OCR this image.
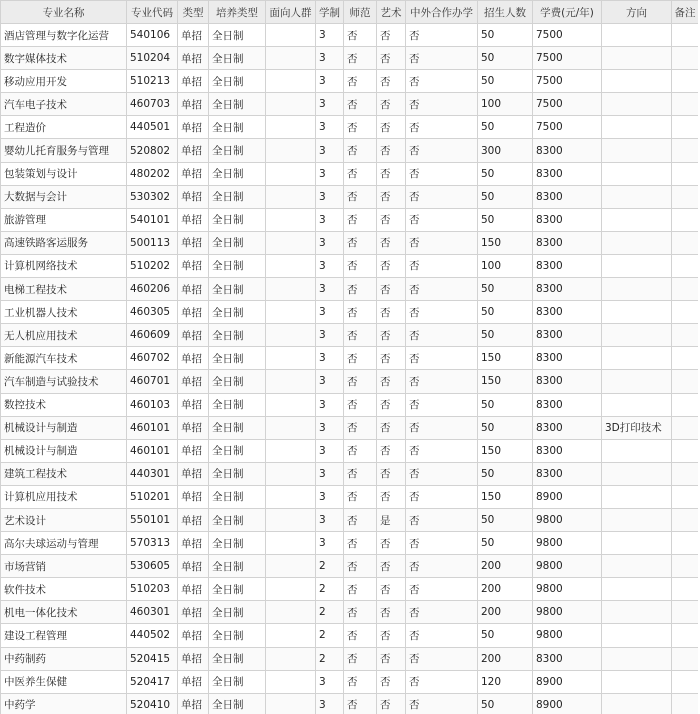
专业名称	专业代码	类型	培养类型	面向人群	学制	师范	艺术	中外合作办学	招生人数	学费(元/年)	方向	备注
酒店管理与数字化运营	540106	单招	全日制		3	否	否	否	50	7500		
数字媒体技术	510204	单招	全日制		3	否	否	否	50	7500		
移动应用开发	510213	单招	全日制		3	否	否	否	50	7500		
汽车电子技术	460703	单招	全日制		3	否	否	否	100	7500		
工程造价	440501	单招	全日制		3	否	否	否	50	7500		
婴幼儿托育服务与管理	520802	单招	全日制		3	否	否	否	300	8300		
包装策划与设计	480202	单招	全日制		3	否	否	否	50	8300		
大数据与会计	530302	单招	全日制		3	否	否	否	50	8300		
旅游管理	540101	单招	全日制		3	否	否	否	50	8300		
高速铁路客运服务	500113	单招	全日制		3	否	否	否	150	8300		
计算机网络技术	510202	单招	全日制		3	否	否	否	100	8300		
电梯工程技术	460206	单招	全日制		3	否	否	否	50	8300		
工业机器人技术	460305	单招	全日制		3	否	否	否	50	8300		
无人机应用技术	460609	单招	全日制		3	否	否	否	50	8300		
新能源汽车技术	460702	单招	全日制		3	否	否	否	150	8300		
汽车制造与试验技术	460701	单招	全日制		3	否	否	否	150	8300		
数控技术	460103	单招	全日制		3	否	否	否	50	8300		
机械设计与制造	460101	单招	全日制		3	否	否	否	50	8300	3D打印技术	
机械设计与制造	460101	单招	全日制		3	否	否	否	150	8300		
建筑工程技术	440301	单招	全日制		3	否	否	否	50	8300		
计算机应用技术	510201	单招	全日制		3	否	否	否	150	8900		
艺术设计	550101	单招	全日制		3	否	是	否	50	9800		
高尔夫球运动与管理	570313	单招	全日制		3	否	否	否	50	9800		
市场营销	530605	单招	全日制		2	否	否	否	200	9800		
软件技术	510203	单招	全日制		2	否	否	否	200	9800		
机电一体化技术	460301	单招	全日制		2	否	否	否	200	9800		
建设工程管理	440502	单招	全日制		2	否	否	否	50	9800		
中药制药	520415	单招	全日制		2	否	否	否	200	8300		
中医养生保健	520417	单招	全日制		3	否	否	否	120	8900		
中药学	520410	单招	全日制		3	否	否	否	50	8900		
